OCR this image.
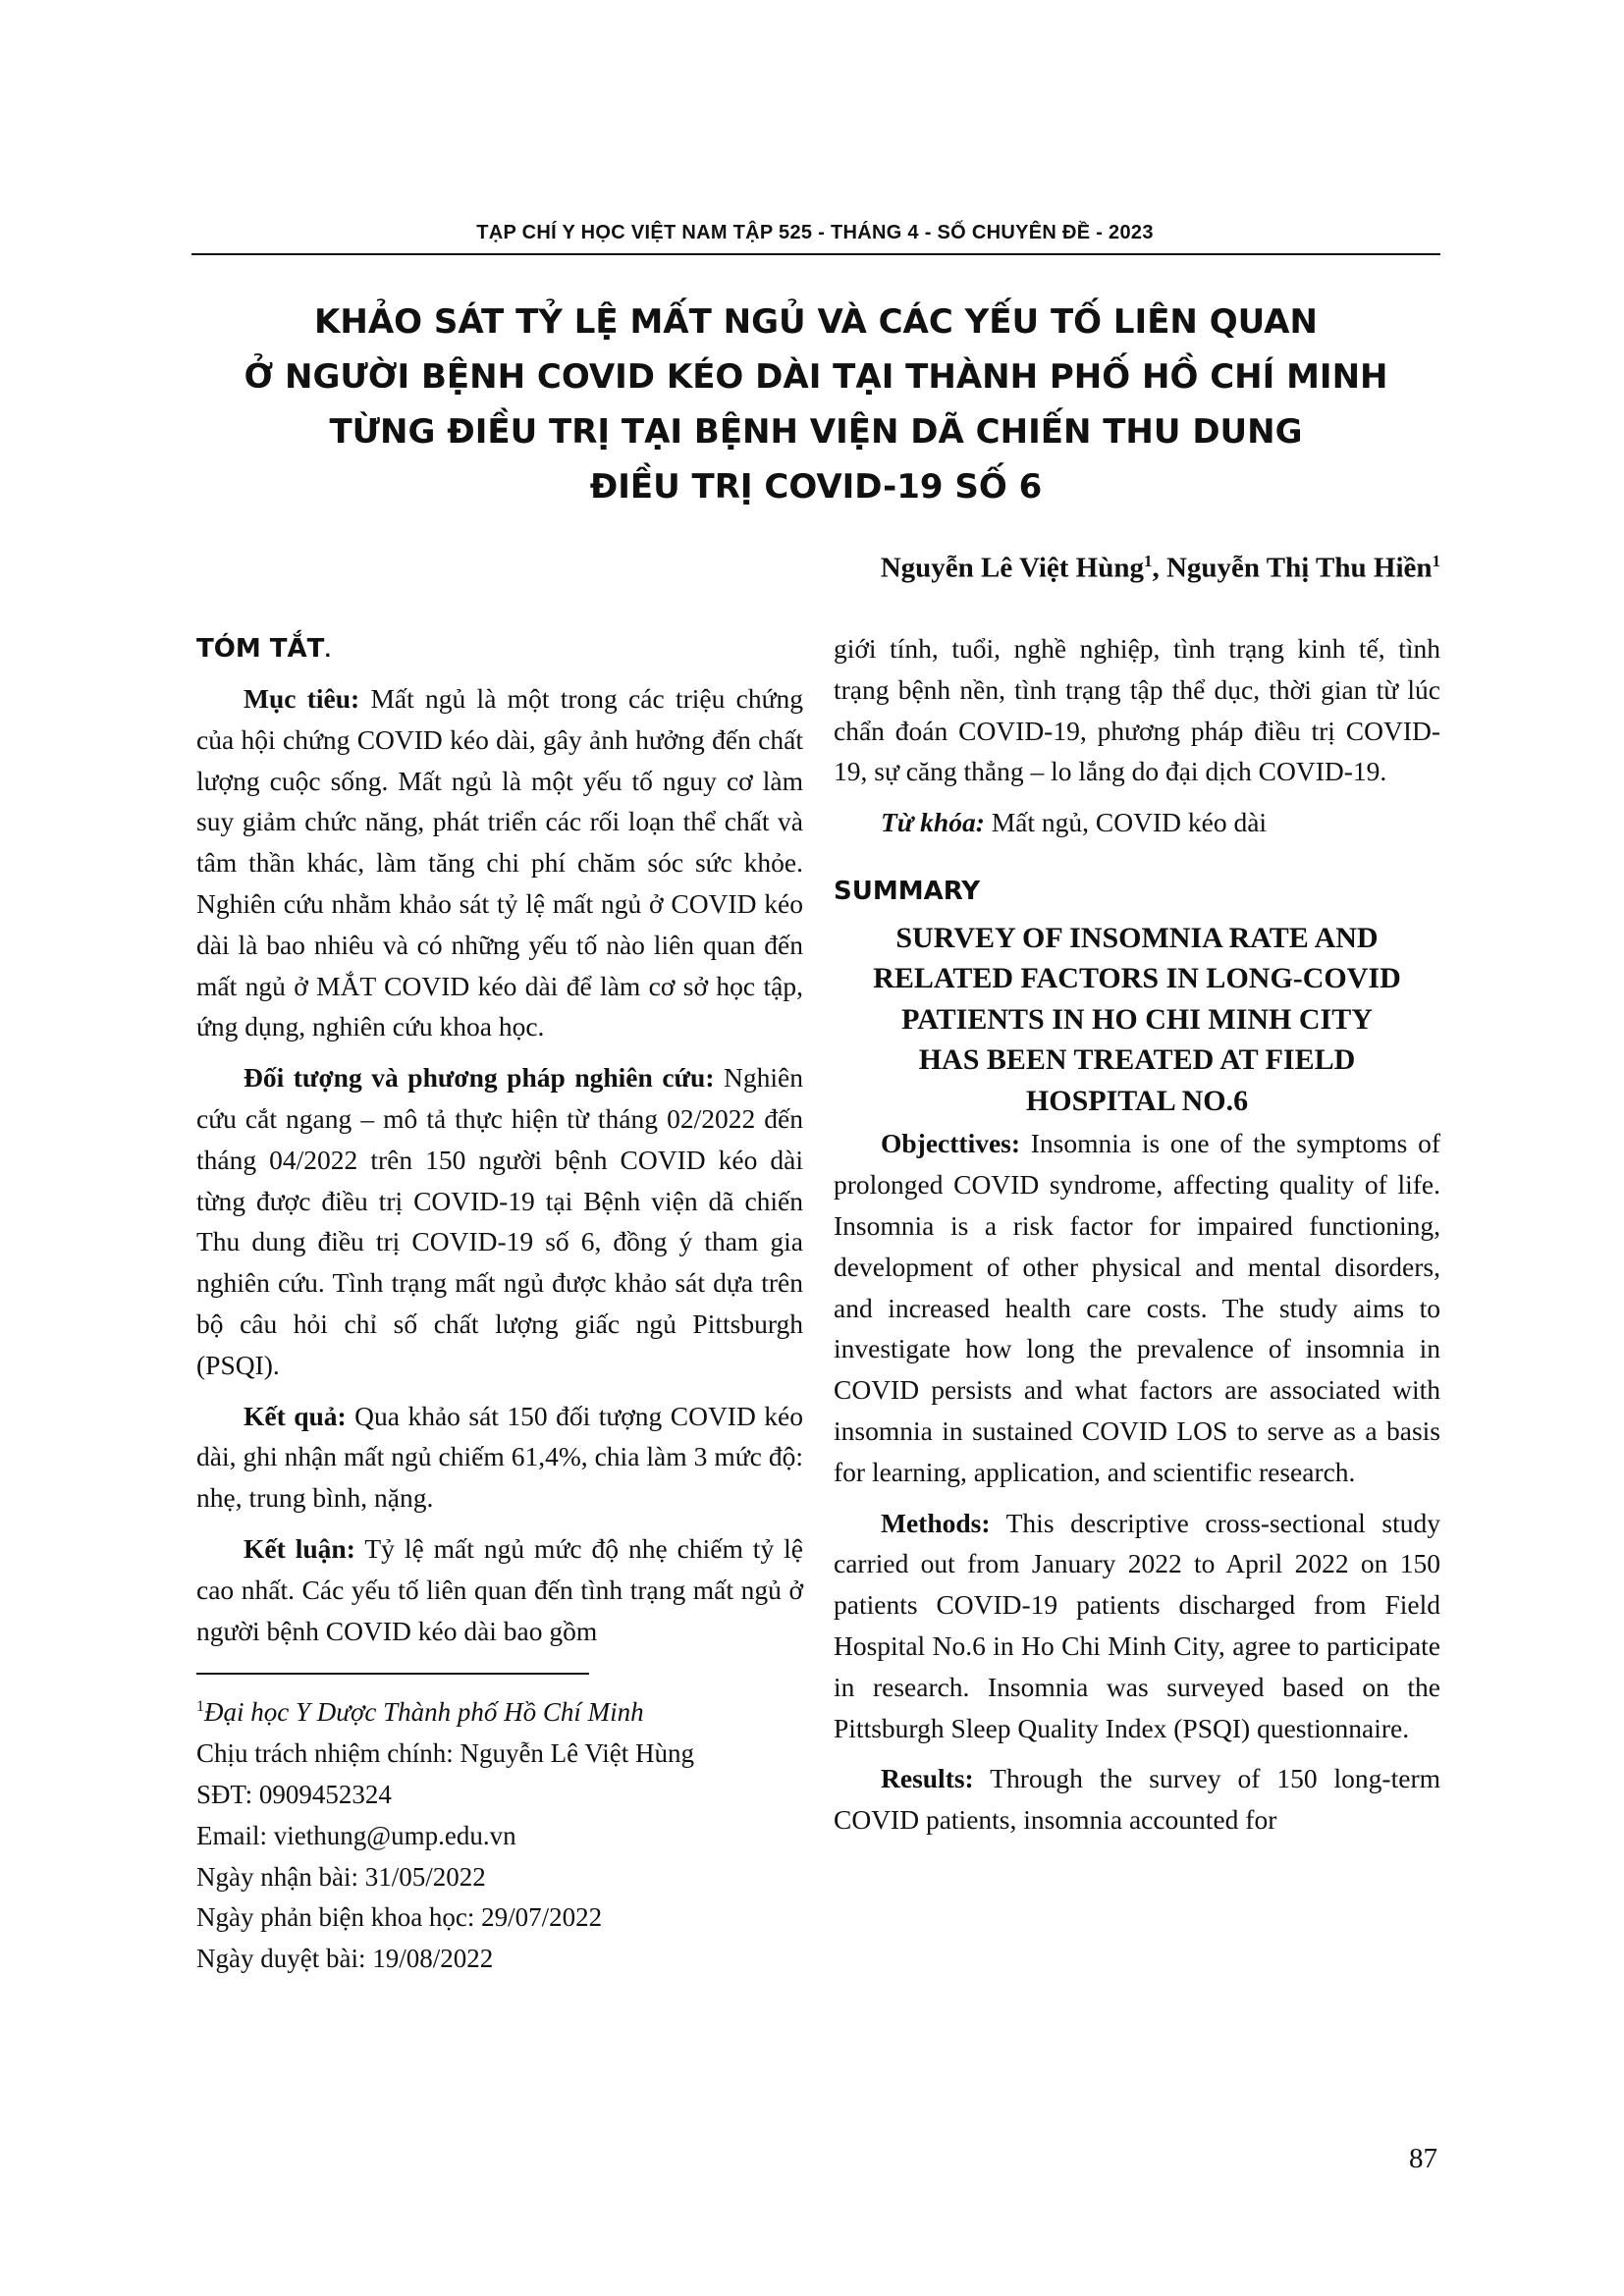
TẠP CHÍ Y HỌC VIỆT NAM TẬP 525 - THÁNG 4 - SỐ CHUYÊN ĐỀ - 2023
KHẢO SÁT TỶ LỆ MẤT NGỦ VÀ CÁC YẾU TỐ LIÊN QUAN
Ở NGƯỜI BỆNH COVID KÉO DÀI TẠI THÀNH PHỐ HỒ CHÍ MINH
TỪNG ĐIỀU TRỊ TẠI BỆNH VIỆN DÃ CHIẾN THU DUNG
ĐIỀU TRỊ COVID-19 SỐ 6
Nguyễn Lê Việt Hùng$^1$, Nguyễn Thị Thu Hiền$^1$
TÓM TẮT.

Mục tiêu: Mất ngủ là một trong các triệu chứng của hội chứng COVID kéo dài, gây ảnh hưởng đến chất lượng cuộc sống. Mất ngủ là một yếu tố nguy cơ làm suy giảm chức năng, phát triển các rối loạn thể chất và tâm thần khác, làm tăng chi phí chăm sóc sức khỏe. Nghiên cứu nhằm khảo sát tỷ lệ mất ngủ ở COVID kéo dài là bao nhiêu và có những yếu tố nào liên quan đến mất ngủ ở MẮT COVID kéo dài để làm cơ sở học tập, ứng dụng, nghiên cứu khoa học.

Đối tượng và phương pháp nghiên cứu: Nghiên cứu cắt ngang – mô tả thực hiện từ tháng 02/2022 đến tháng 04/2022 trên 150 người bệnh COVID kéo dài từng được điều trị COVID-19 tại Bệnh viện dã chiến Thu dung điều trị COVID-19 số 6, đồng ý tham gia nghiên cứu. Tình trạng mất ngủ được khảo sát dựa trên bộ câu hỏi chỉ số chất lượng giấc ngủ Pittsburgh (PSQI).

Kết quả: Qua khảo sát 150 đối tượng COVID kéo dài, ghi nhận mất ngủ chiếm 61,4%, chia làm 3 mức độ: nhẹ, trung bình, nặng.

Kết luận: Tỷ lệ mất ngủ mức độ nhẹ chiếm tỷ lệ cao nhất. Các yếu tố liên quan đến tình trạng mất ngủ ở người bệnh COVID kéo dài bao gồm

$^1$Đại học Y Dược Thành phố Hồ Chí Minh

Chịu trách nhiệm chính: Nguyễn Lê Việt Hùng

SĐT: 0909452324

Email: viethung@ump.edu.vn

Ngày nhận bài: 31/05/2022

Ngày phản biện khoa học: 29/07/2022

Ngày duyệt bài: 19/08/2022

giới tính, tuổi, nghề nghiệp, tình trạng kinh tế, tình trạng bệnh nền, tình trạng tập thể dục, thời gian từ lúc chẩn đoán COVID-19, phương pháp điều trị COVID-19, sự căng thẳng – lo lắng do đại dịch COVID-19.

Từ khóa: Mất ngủ, COVID kéo dài

SUMMARY
SURVEY OF INSOMNIA RATE AND
RELATED FACTORS IN LONG-COVID
PATIENTS IN HO CHI MINH CITY
HAS BEEN TREATED AT FIELD
HOSPITAL NO.6

Objecttives: Insomnia is one of the symptoms of prolonged COVID syndrome, affecting quality of life. Insomnia is a risk factor for impaired functioning, development of other physical and mental disorders, and increased health care costs. The study aims to investigate how long the prevalence of insomnia in COVID persists and what factors are associated with insomnia in sustained COVID LOS to serve as a basis for learning, application, and scientific research.

Methods: This descriptive cross-sectional study carried out from January 2022 to April 2022 on 150 patients COVID-19 patients discharged from Field Hospital No.6 in Ho Chi Minh City, agree to participate in research. Insomnia was surveyed based on the Pittsburgh Sleep Quality Index (PSQI) questionnaire.

Results: Through the survey of 150 long-term COVID patients, insomnia accounted for

87
